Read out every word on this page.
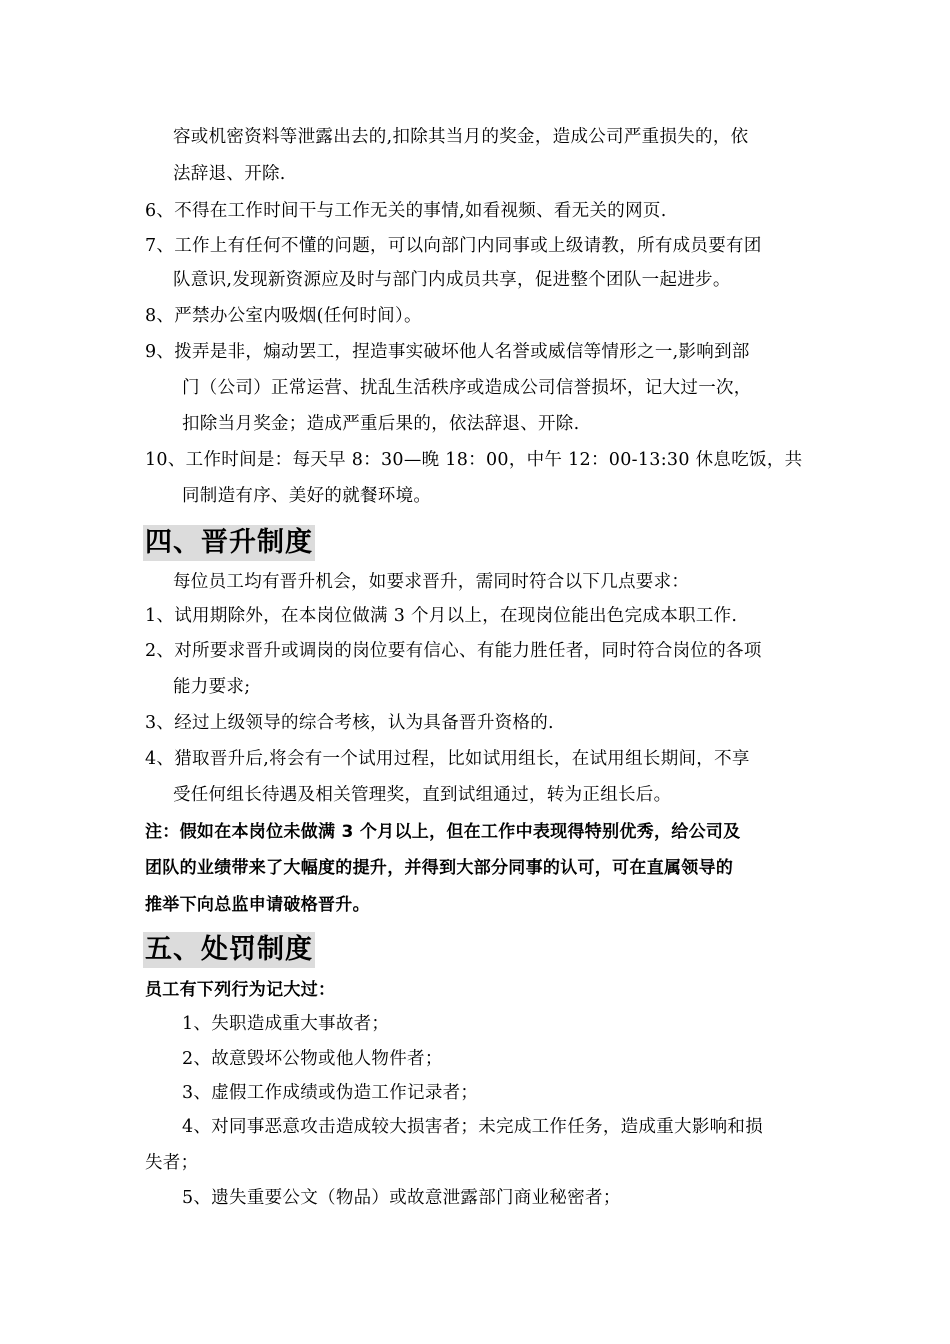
容或机密资料等泄露出去的,扣除其当月的奖金，造成公司严重损失的，依
法辞退、开除.
6、不得在工作时间干与工作无关的事情,如看视频、看无关的网页.
7、工作上有任何不懂的问题，可以向部门内同事或上级请教，所有成员要有团
队意识,发现新资源应及时与部门内成员共享，促进整个团队一起进步。
8、严禁办公室内吸烟(任何时间）。
9、拨弄是非，煽动罢工，捏造事实破坏他人名誉或威信等情形之一,影响到部
门（公司）正常运营、扰乱生活秩序或造成公司信誉损坏，记大过一次，
扣除当月奖金；造成严重后果的，依法辞退、开除.
10、工作时间是：每天早 8：30—晚 18：00，中午 12：00-13:30 休息吃饭，共
同制造有序、美好的就餐环境。
四、晋升制度
每位员工均有晋升机会，如要求晋升，需同时符合以下几点要求：
1、试用期除外，在本岗位做满 3 个月以上，在现岗位能出色完成本职工作.
2、对所要求晋升或调岗的岗位要有信心、有能力胜任者，同时符合岗位的各项
能力要求;
3、经过上级领导的综合考核，认为具备晋升资格的.
4、猎取晋升后,将会有一个试用过程，比如试用组长，在试用组长期间，不享
受任何组长待遇及相关管理奖，直到试组通过，转为正组长后。
注：假如在本岗位未做满 3 个月以上，但在工作中表现得特别优秀，给公司及
团队的业绩带来了大幅度的提升，并得到大部分同事的认可，可在直属领导的
推举下向总监申请破格晋升。
五、处罚制度
员工有下列行为记大过：
1、失职造成重大事故者；
2、故意毁坏公物或他人物件者；
3、虚假工作成绩或伪造工作记录者；
4、对同事恶意攻击造成较大损害者；未完成工作任务，造成重大影响和损
失者；
5、遗失重要公文（物品）或故意泄露部门商业秘密者；
